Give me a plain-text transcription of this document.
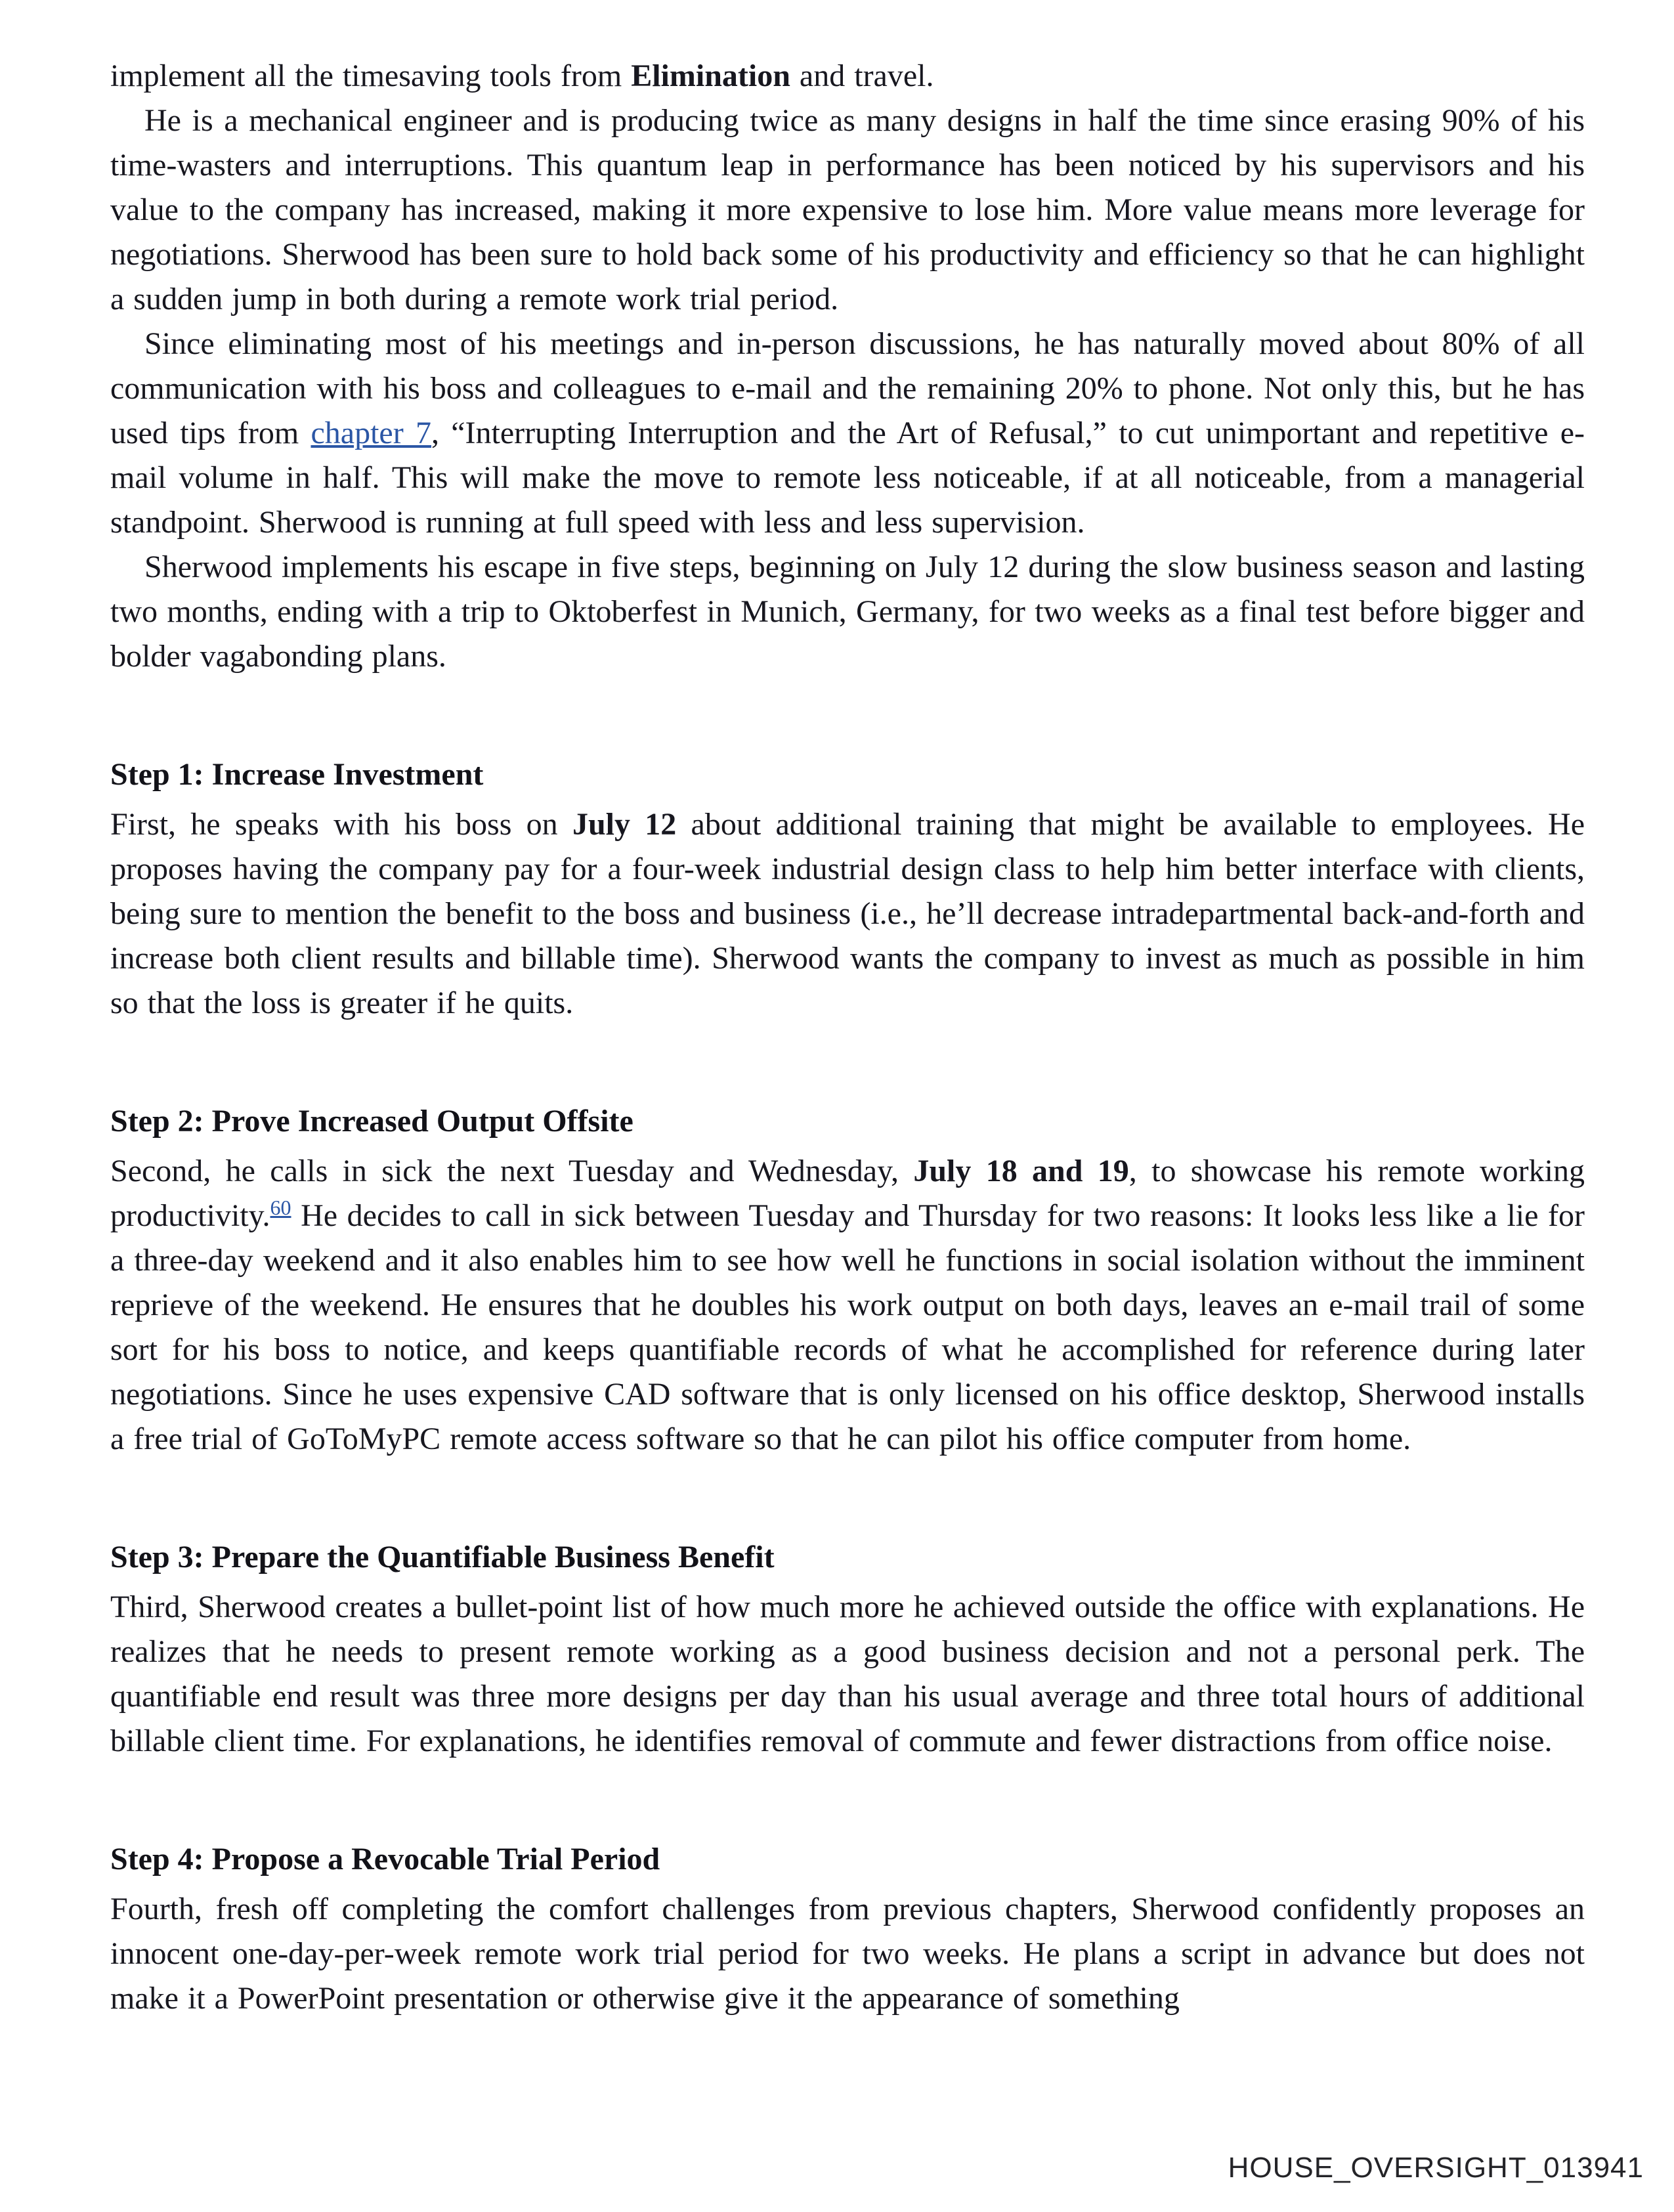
implement all the timesaving tools from Elimination and travel.

He is a mechanical engineer and is producing twice as many designs in half the time since erasing 90% of his time-wasters and interruptions. This quantum leap in performance has been noticed by his supervisors and his value to the company has increased, making it more expensive to lose him. More value means more leverage for negotiations. Sherwood has been sure to hold back some of his productivity and efficiency so that he can highlight a sudden jump in both during a remote work trial period.

Since eliminating most of his meetings and in-person discussions, he has naturally moved about 80% of all communication with his boss and colleagues to e-mail and the remaining 20% to phone. Not only this, but he has used tips from chapter 7, “Interrupting Interruption and the Art of Refusal,” to cut unimportant and repetitive e-mail volume in half. This will make the move to remote less noticeable, if at all noticeable, from a managerial standpoint. Sherwood is running at full speed with less and less supervision.

Sherwood implements his escape in five steps, beginning on July 12 during the slow business season and lasting two months, ending with a trip to Oktoberfest in Munich, Germany, for two weeks as a final test before bigger and bolder vagabonding plans.

Step 1: Increase Investment

First, he speaks with his boss on July 12 about additional training that might be available to employees. He proposes having the company pay for a four-week industrial design class to help him better interface with clients, being sure to mention the benefit to the boss and business (i.e., he’ll decrease intradepartmental back-and-forth and increase both client results and billable time). Sherwood wants the company to invest as much as possible in him so that the loss is greater if he quits.

Step 2: Prove Increased Output Offsite

Second, he calls in sick the next Tuesday and Wednesday, July 18 and 19, to showcase his remote working productivity.$^{60}$ He decides to call in sick between Tuesday and Thursday for two reasons: It looks less like a lie for a three-day weekend and it also enables him to see how well he functions in social isolation without the imminent reprieve of the weekend. He ensures that he doubles his work output on both days, leaves an e-mail trail of some sort for his boss to notice, and keeps quantifiable records of what he accomplished for reference during later negotiations. Since he uses expensive CAD software that is only licensed on his office desktop, Sherwood installs a free trial of GoToMyPC remote access software so that he can pilot his office computer from home.

Step 3: Prepare the Quantifiable Business Benefit

Third, Sherwood creates a bullet-point list of how much more he achieved outside the office with explanations. He realizes that he needs to present remote working as a good business decision and not a personal perk. The quantifiable end result was three more designs per day than his usual average and three total hours of additional billable client time. For explanations, he identifies removal of commute and fewer distractions from office noise.

Step 4: Propose a Revocable Trial Period

Fourth, fresh off completing the comfort challenges from previous chapters, Sherwood confidently proposes an innocent one-day-per-week remote work trial period for two weeks. He plans a script in advance but does not make it a PowerPoint presentation or otherwise give it the appearance of something

HOUSE_OVERSIGHT_013941
